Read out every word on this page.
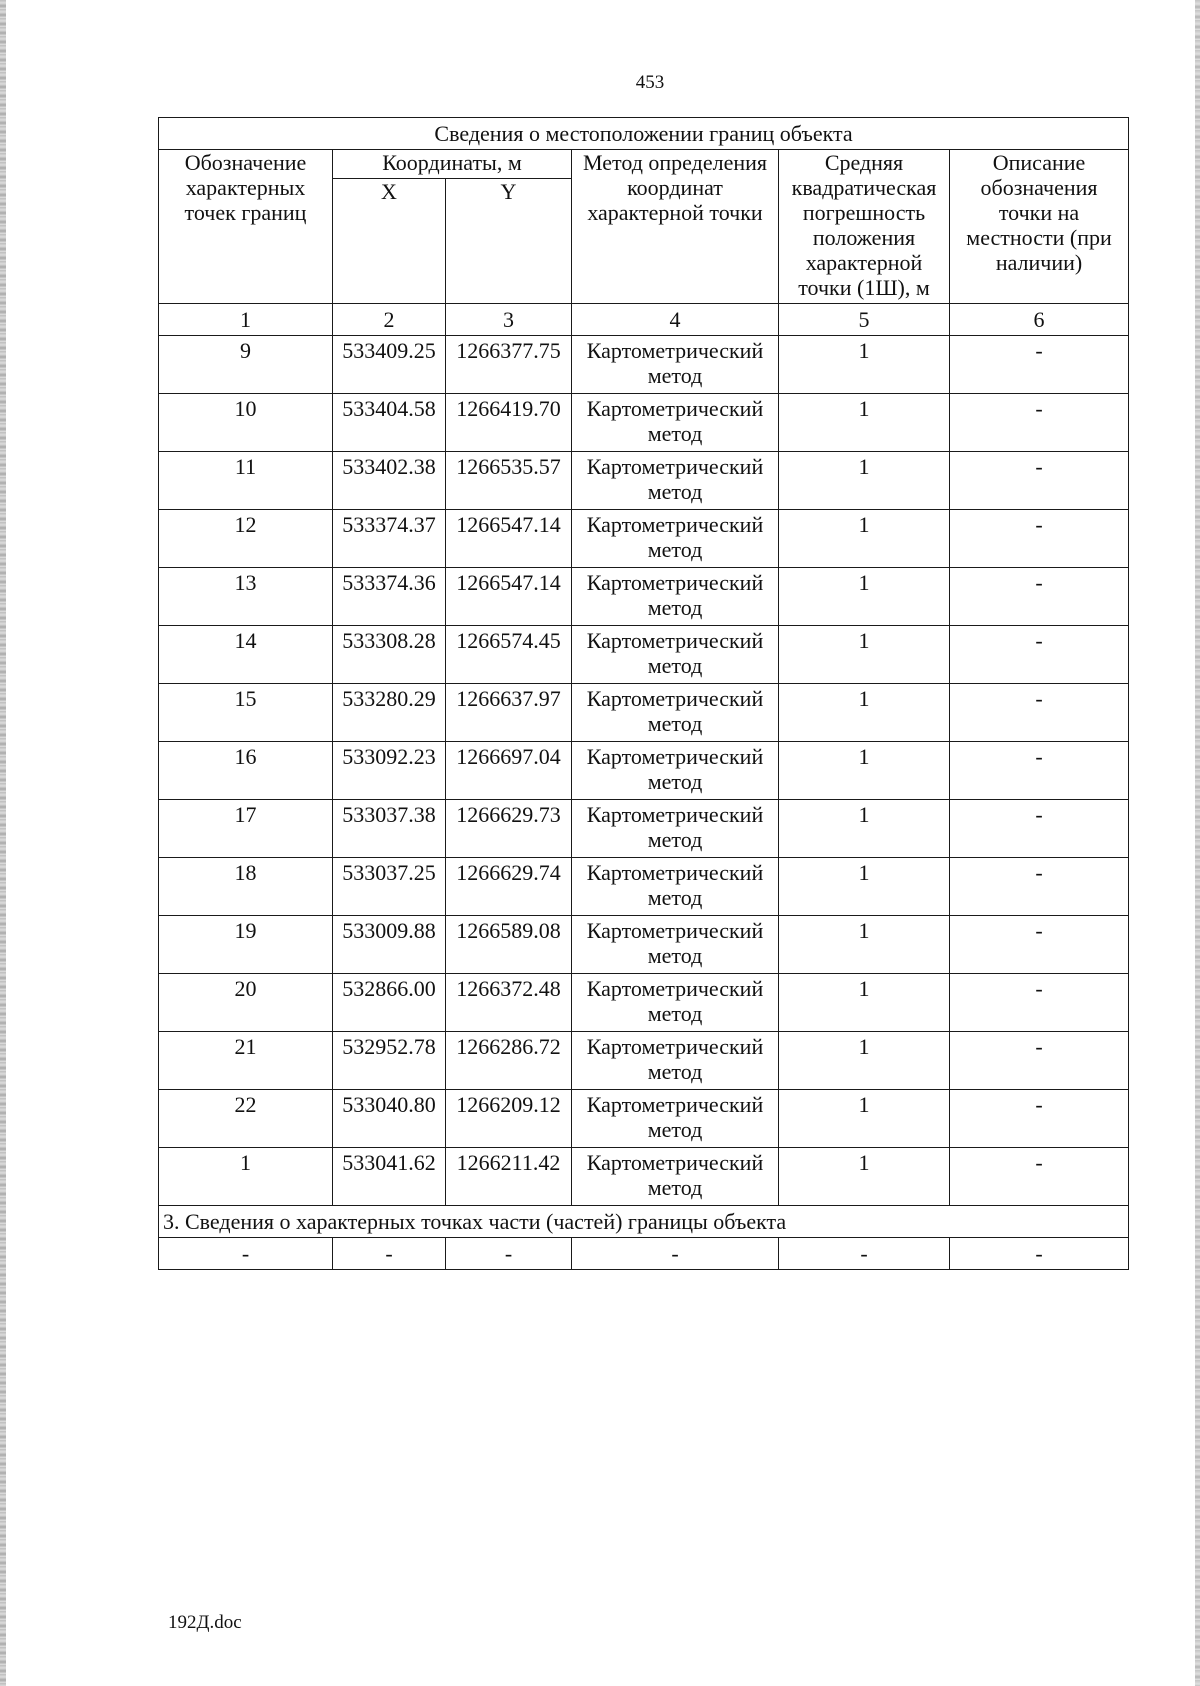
453
Сведения о местоположении границ объекта					
Обозначение характерных точек границ	Координаты, м		Метод определения координат характерной точки	Средняя квадратическая погрешность положения характерной точки (1Ш), м	Описание обозначения точки на местности (при наличии)
	X	Y			
1	2	3	4	5	6
9	533409.25	1266377.75	Картометрический метод	1	-
10	533404.58	1266419.70	Картометрический метод	1	-
11	533402.38	1266535.57	Картометрический метод	1	-
12	533374.37	1266547.14	Картометрический метод	1	-
13	533374.36	1266547.14	Картометрический метод	1	-
14	533308.28	1266574.45	Картометрический метод	1	-
15	533280.29	1266637.97	Картометрический метод	1	-
16	533092.23	1266697.04	Картометрический метод	1	-
17	533037.38	1266629.73	Картометрический метод	1	-
18	533037.25	1266629.74	Картометрический метод	1	-
19	533009.88	1266589.08	Картометрический метод	1	-
20	532866.00	1266372.48	Картометрический метод	1	-
21	532952.78	1266286.72	Картометрический метод	1	-
22	533040.80	1266209.12	Картометрический метод	1	-
1	533041.62	1266211.42	Картометрический метод	1	-
3. Сведения о характерных точках части (частей) границы объекта					
-	-	-	-	-	-
192Д.doc
